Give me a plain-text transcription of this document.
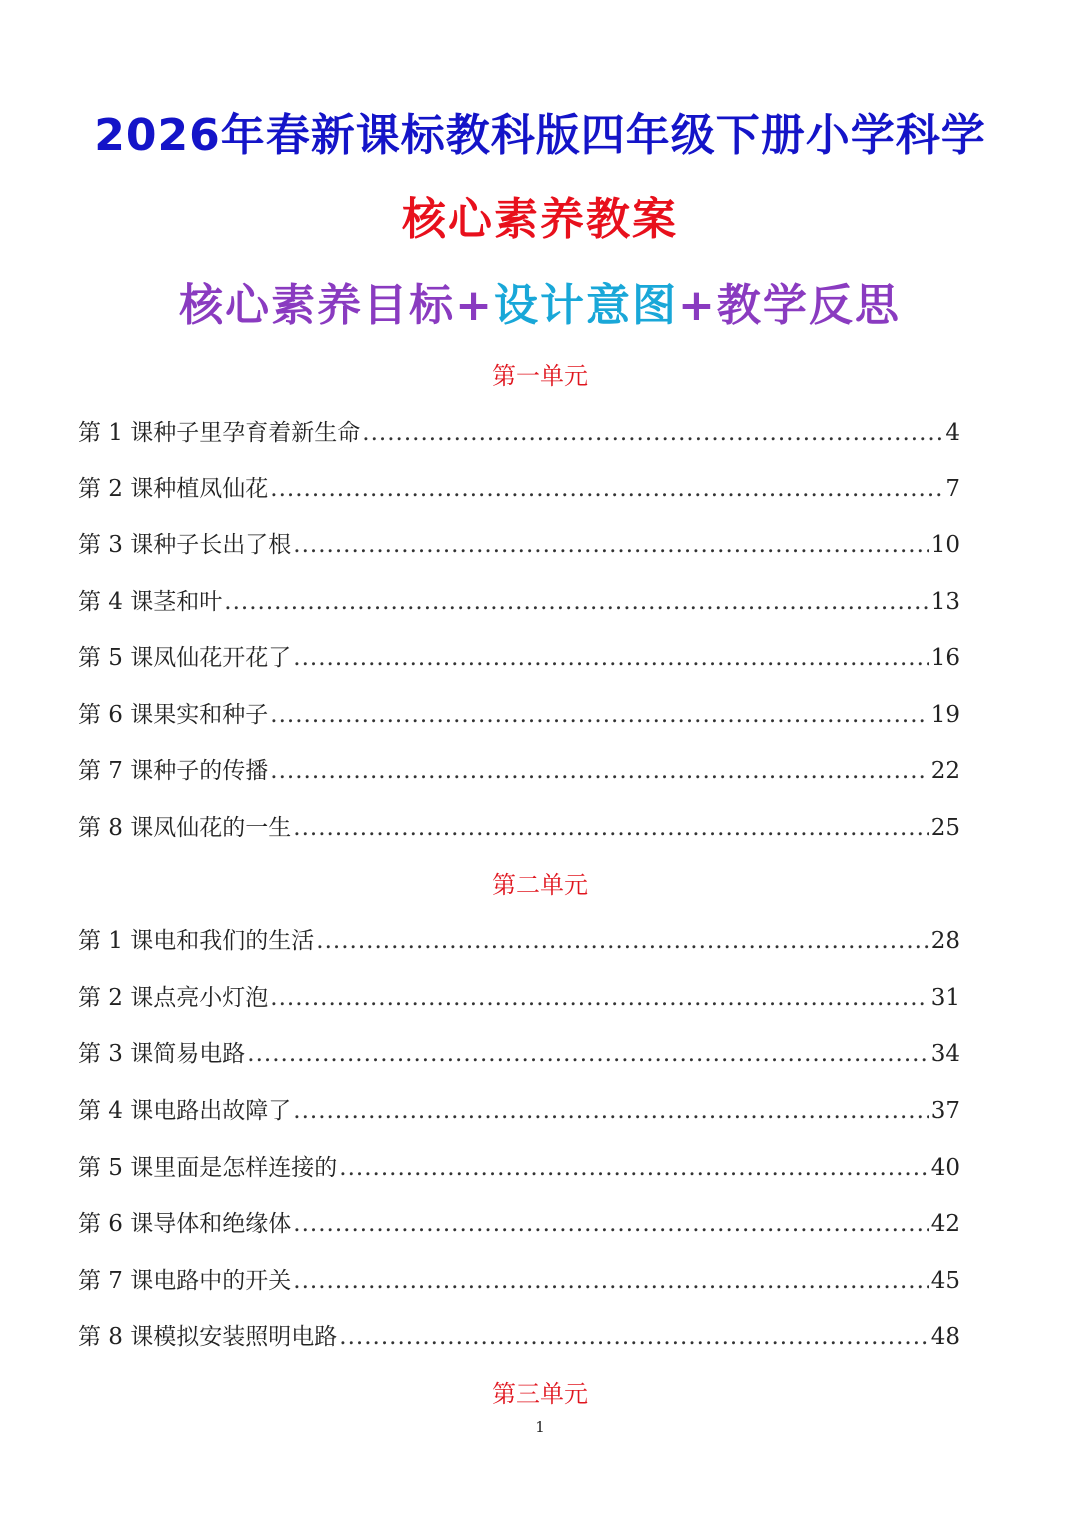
2026年春新课标教科版四年级下册小学科学
核心素养教案
核心素养目标+设计意图+教学反思
第一单元
第 1 课种子里孕育着新生命 .....	4
第 2 课种植凤仙花 .....	7
第 3 课种子长出了根 .....	10
第 4 课茎和叶 .....	13
第 5 课凤仙花开花了 .....	16
第 6 课果实和种子 .....	19
第 7 课种子的传播 .....	22
第 8 课凤仙花的一生 .....	25
第二单元
第 1 课电和我们的生活 .....	28
第 2 课点亮小灯泡 .....	31
第 3 课简易电路 .....	34
第 4 课电路出故障了 .....	37
第 5 课里面是怎样连接的 .....	40
第 6 课导体和绝缘体 .....	42
第 7 课电路中的开关 .....	45
第 8 课模拟安装照明电路 .....	48
第三单元
1
